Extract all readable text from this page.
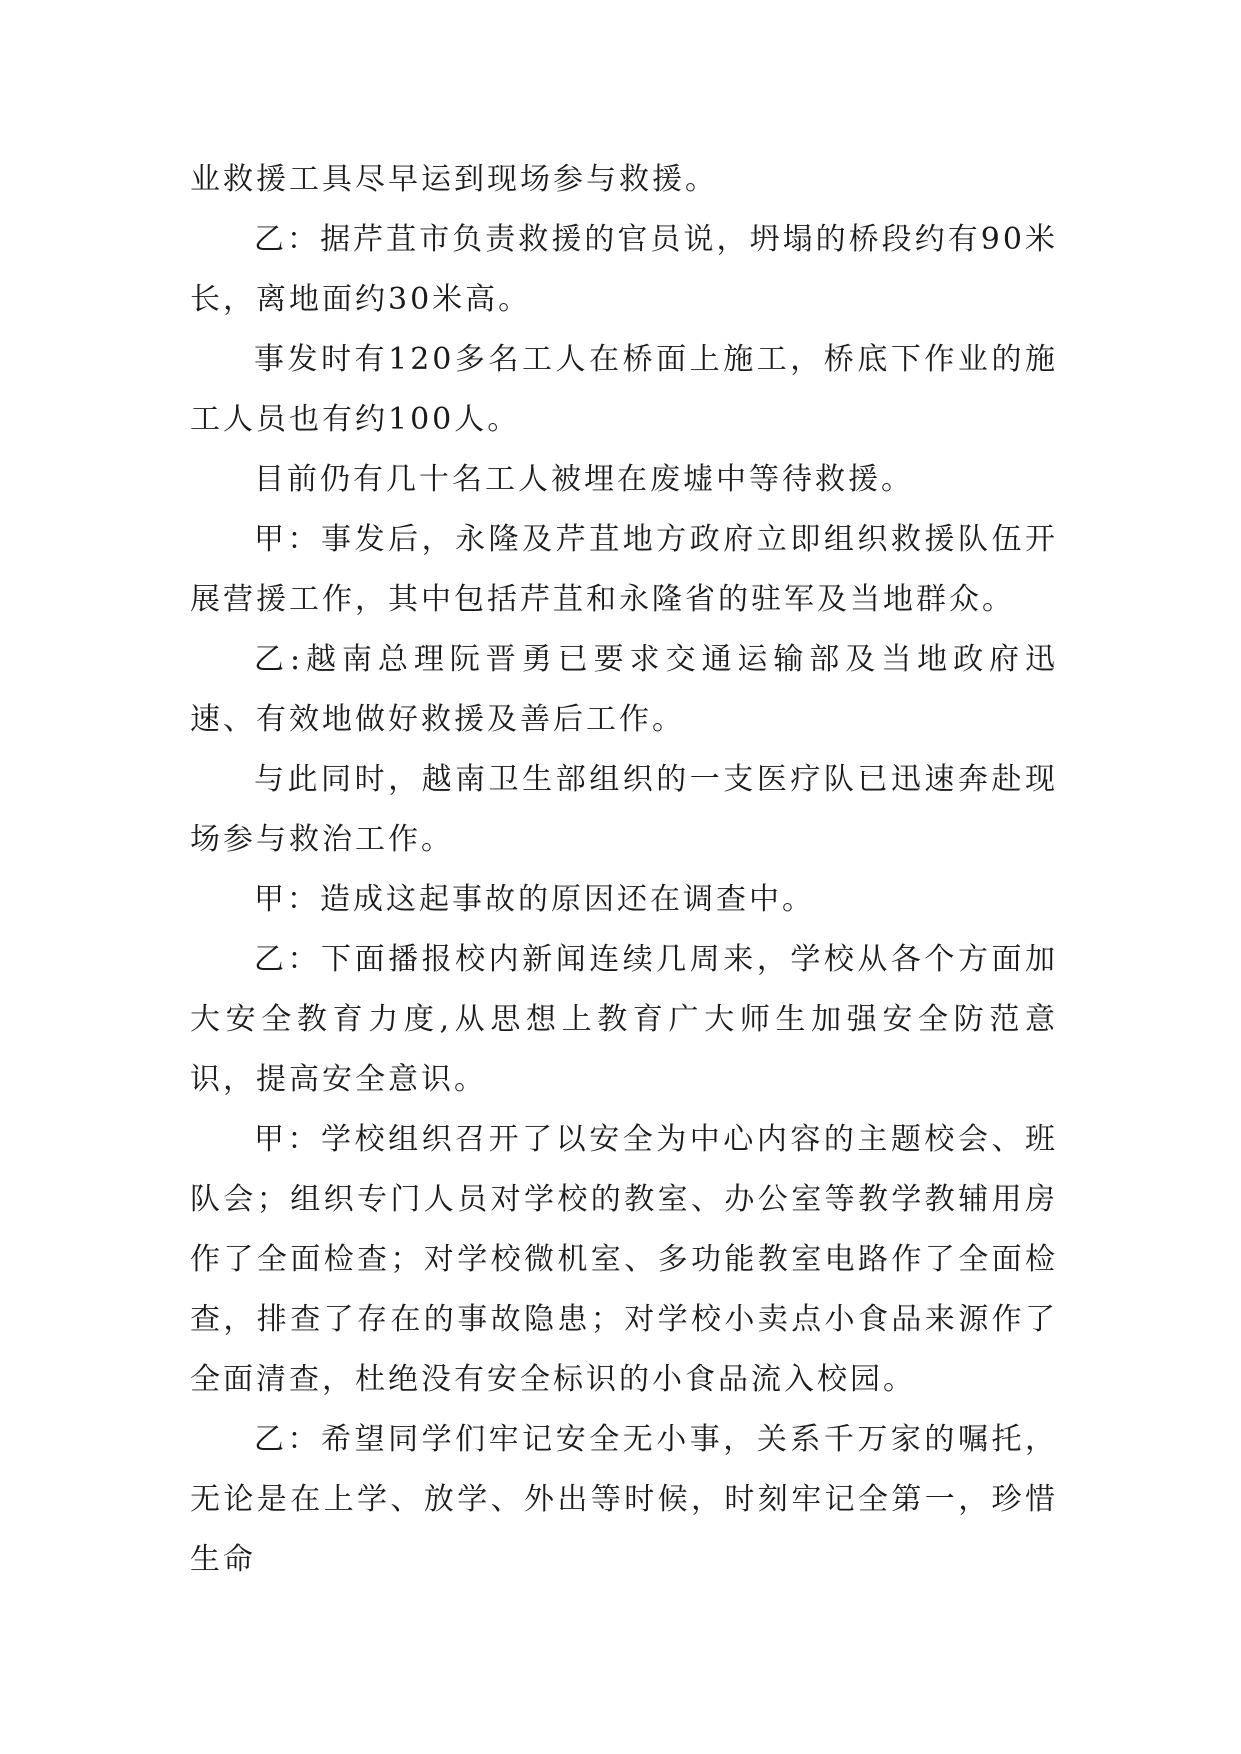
业救援工具尽早运到现场参与救援。

乙：据芹苴市负责救援的官员说，坍塌的桥段约有90米长，离地面约30米高。

事发时有120多名工人在桥面上施工，桥底下作业的施工人员也有约100人。

目前仍有几十名工人被埋在废墟中等待救援。

甲：事发后，永隆及芹苴地方政府立即组织救援队伍开展营援工作，其中包括芹苴和永隆省的驻军及当地群众。

乙:越南总理阮晋勇已要求交通运输部及当地政府迅速、有效地做好救援及善后工作。

与此同时，越南卫生部组织的一支医疗队已迅速奔赴现场参与救治工作。

甲：造成这起事故的原因还在调查中。

乙：下面播报校内新闻连续几周来，学校从各个方面加大安全教育力度,从思想上教育广大师生加强安全防范意识，提高安全意识。

甲：学校组织召开了以安全为中心内容的主题校会、班队会；组织专门人员对学校的教室、办公室等教学教辅用房作了全面检查；对学校微机室、多功能教室电路作了全面检查，排查了存在的事故隐患；对学校小卖点小食品来源作了全面清查，杜绝没有安全标识的小食品流入校园。

乙：希望同学们牢记安全无小事，关系千万家的嘱托，无论是在上学、放学、外出等时候，时刻牢记全第一，珍惜生命
